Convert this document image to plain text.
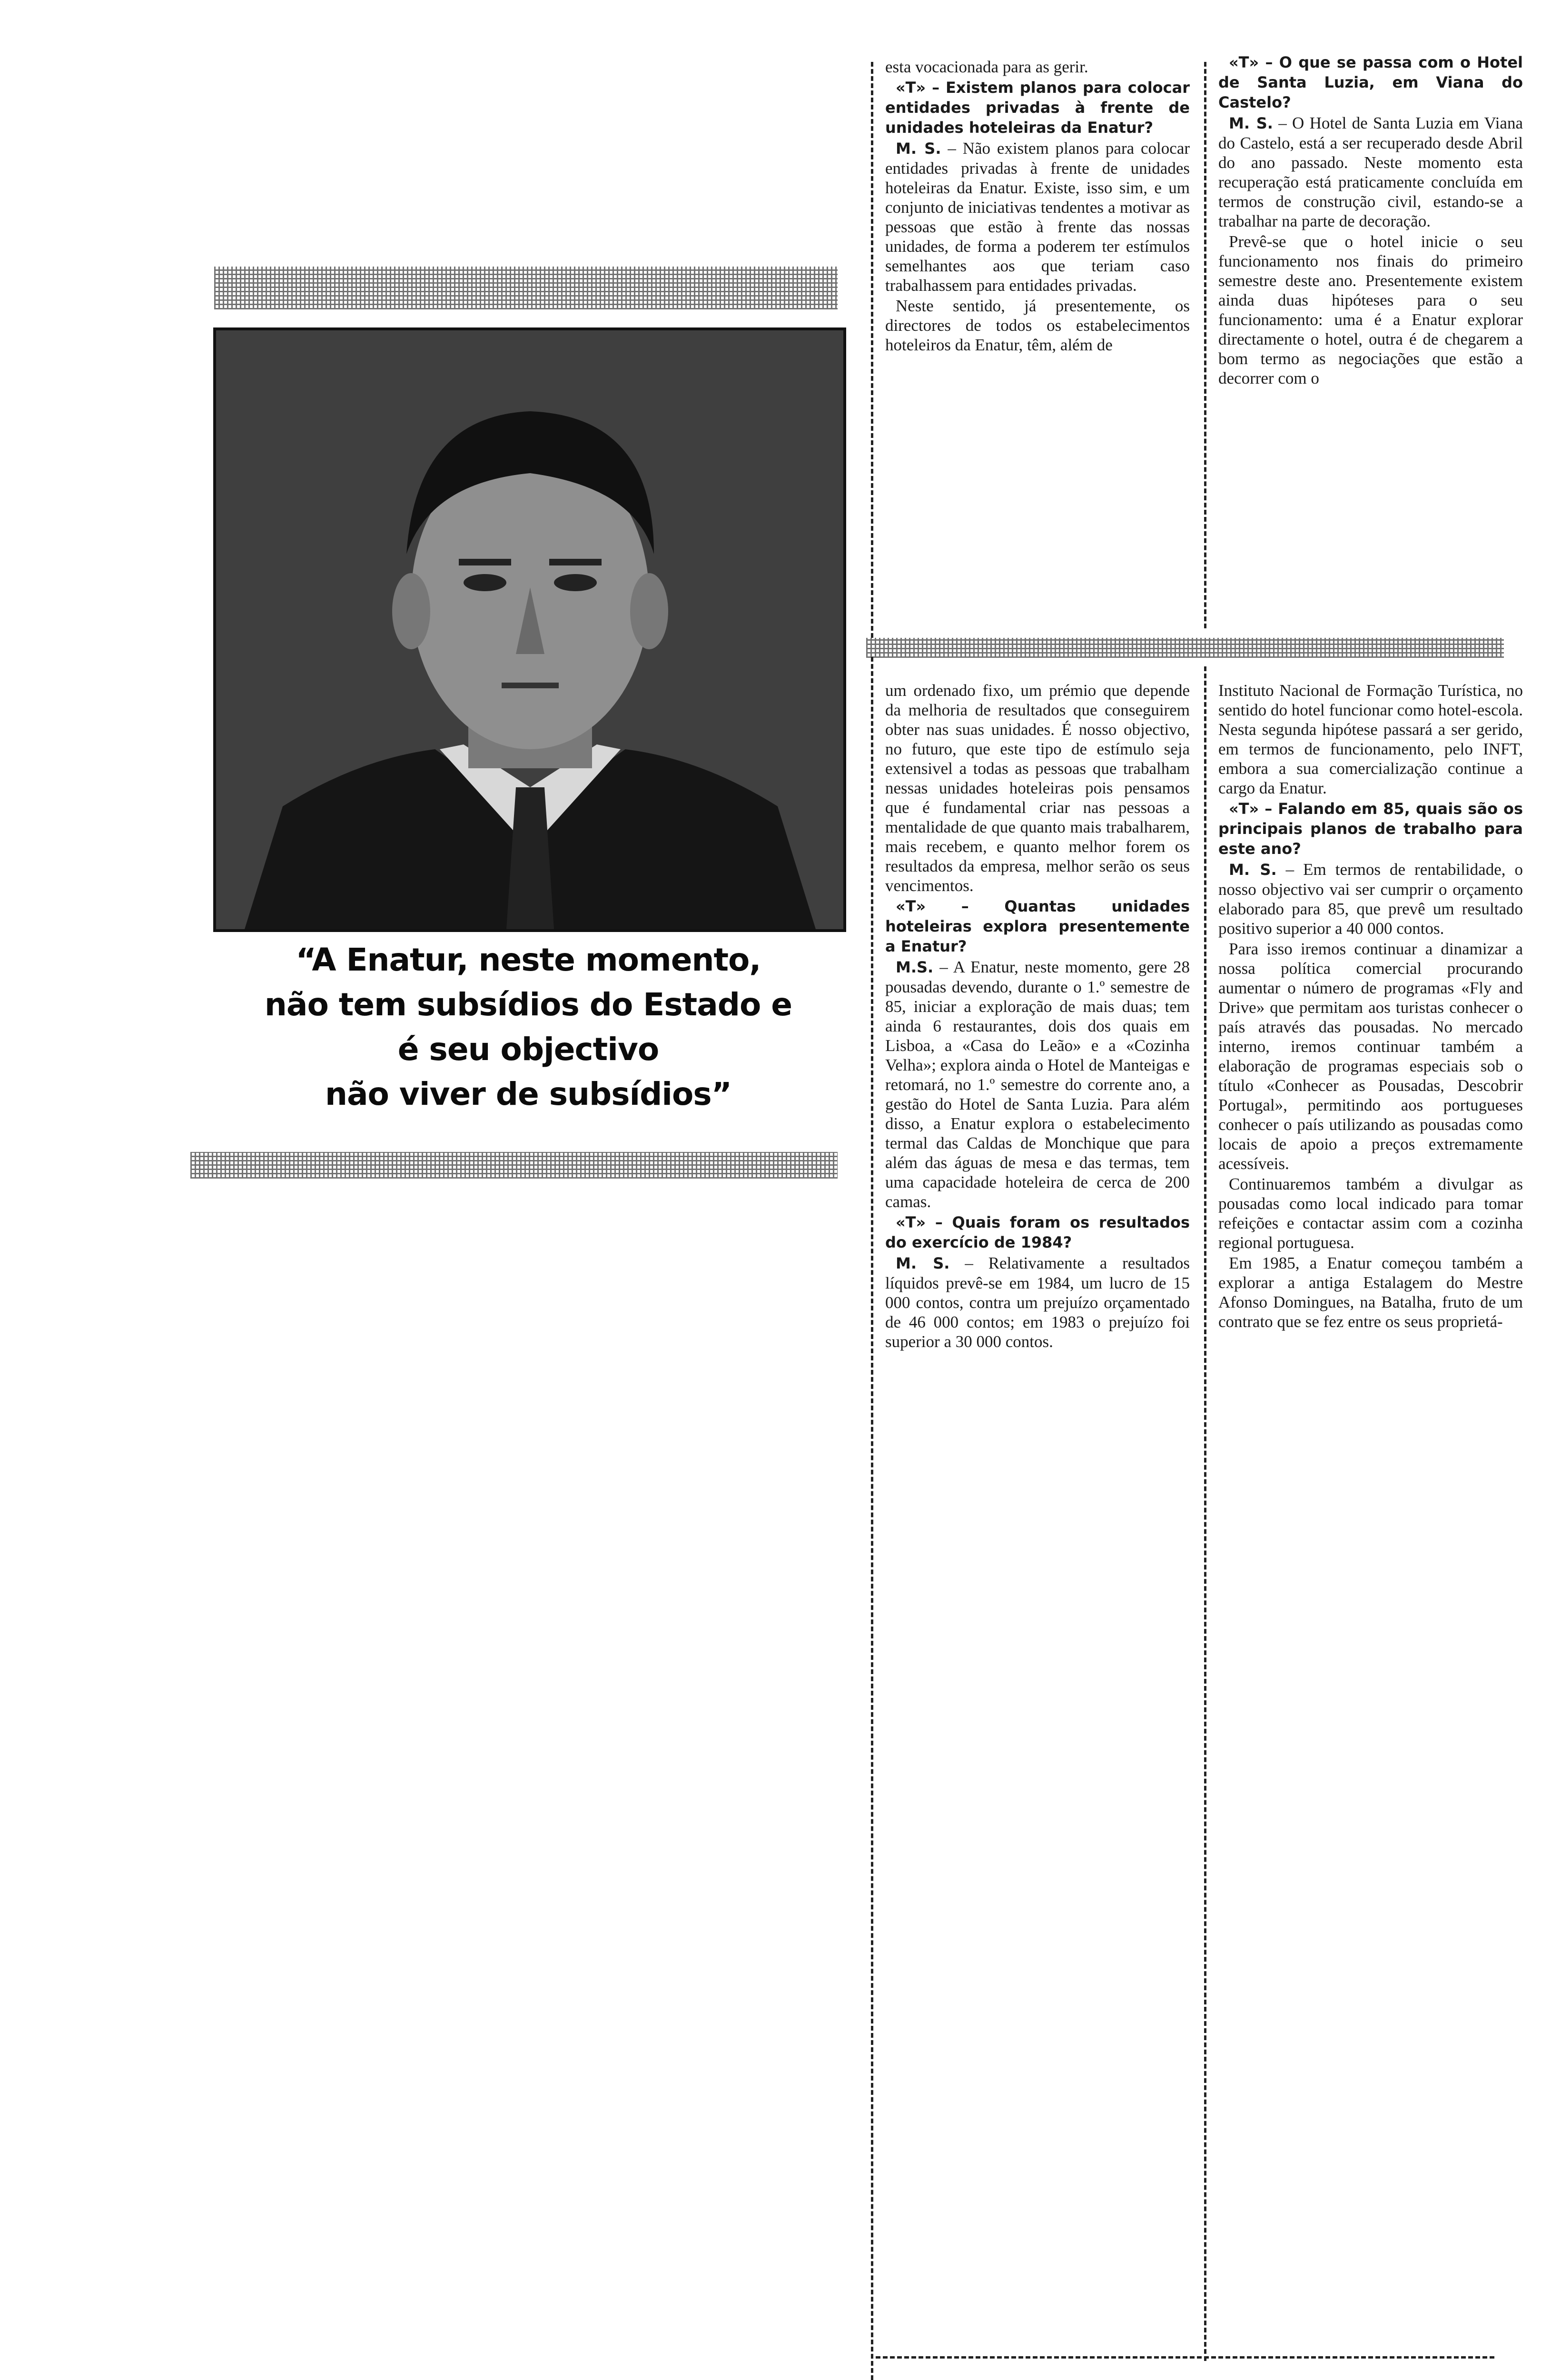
“A Enatur, neste momento,
não tem subsídios do Estado e
é seu objectivo
não viver de subsídios”

esta vocacionada para as gerir.

«T» – Existem planos para colocar entidades privadas à frente de unidades hoteleiras da Enatur?

M. S. – Não existem planos para colocar entidades privadas à frente de unidades hoteleiras da Enatur. Existe, isso sim, e um conjunto de iniciativas tendentes a motivar as pessoas que estão à frente das nossas unidades, de forma a poderem ter estímulos semelhantes aos que teriam caso trabalhassem para entidades privadas.

Neste sentido, já presentemente, os directores de todos os estabelecimentos hoteleiros da Enatur, têm, além de

«T» – O que se passa com o Hotel de Santa Luzia, em Viana do Castelo?

M. S. – O Hotel de Santa Luzia em Viana do Castelo, está a ser recuperado desde Abril do ano passado. Neste momento esta recuperação está praticamente concluída em termos de construção civil, estando-se a trabalhar na parte de decoração.

Prevê-se que o hotel inicie o seu funcionamento nos finais do primeiro semestre deste ano. Presentemente existem ainda duas hipóteses para o seu funcionamento: uma é a Enatur explorar directamente o hotel, outra é de chegarem a bom termo as negociações que estão a decorrer com o

um ordenado fixo, um prémio que depende da melhoria de resultados que conseguirem obter nas suas unidades. É nosso objectivo, no futuro, que este tipo de estímulo seja extensivel a todas as pessoas que trabalham nessas unidades hoteleiras pois pensamos que é fundamental criar nas pessoas a mentalidade de que quanto mais trabalharem, mais recebem, e quanto melhor forem os resultados da empresa, melhor serão os seus vencimentos.

«T» – Quantas unidades hoteleiras explora presentemente a Enatur?

M.S. – A Enatur, neste momento, gere 28 pousadas devendo, durante o 1.º semestre de 85, iniciar a exploração de mais duas; tem ainda 6 restaurantes, dois dos quais em Lisboa, a «Casa do Leão» e a «Cozinha Velha»; explora ainda o Hotel de Manteigas e retomará, no 1.º semestre do corrente ano, a gestão do Hotel de Santa Luzia. Para além disso, a Enatur explora o estabelecimento termal das Caldas de Monchique que para além das águas de mesa e das termas, tem uma capacidade hoteleira de cerca de 200 camas.

«T» – Quais foram os resultados do exercício de 1984?

M. S. – Relativamente a resultados líquidos prevê-se em 1984, um lucro de 15 000 contos, contra um prejuízo orçamentado de 46 000 contos; em 1983 o prejuízo foi superior a 30 000 contos.

Instituto Nacional de Formação Turística, no sentido do hotel funcionar como hotel-escola. Nesta segunda hipótese passará a ser gerido, em termos de funcionamento, pelo INFT, embora a sua comercialização continue a cargo da Enatur.

«T» – Falando em 85, quais são os principais planos de trabalho para este ano?

M. S. – Em termos de rentabilidade, o nosso objectivo vai ser cumprir o orçamento elaborado para 85, que prevê um resultado positivo superior a 40 000 contos.

Para isso iremos continuar a dinamizar a nossa política comercial procurando aumentar o número de programas «Fly and Drive» que permitam aos turistas conhecer o país através das pousadas. No mercado interno, iremos continuar também a elaboração de programas especiais sob o título «Conhecer as Pousadas, Descobrir Portugal», permitindo aos portugueses conhecer o país utilizando as pousadas como locais de apoio a preços extremamente acessíveis.

Continuaremos também a divulgar as pousadas como local indicado para tomar refeições e contactar assim com a cozinha regional portuguesa.

Em 1985, a Enatur começou também a explorar a antiga Estalagem do Mestre Afonso Domingues, na Batalha, fruto de um contrato que se fez entre os seus proprietá-
